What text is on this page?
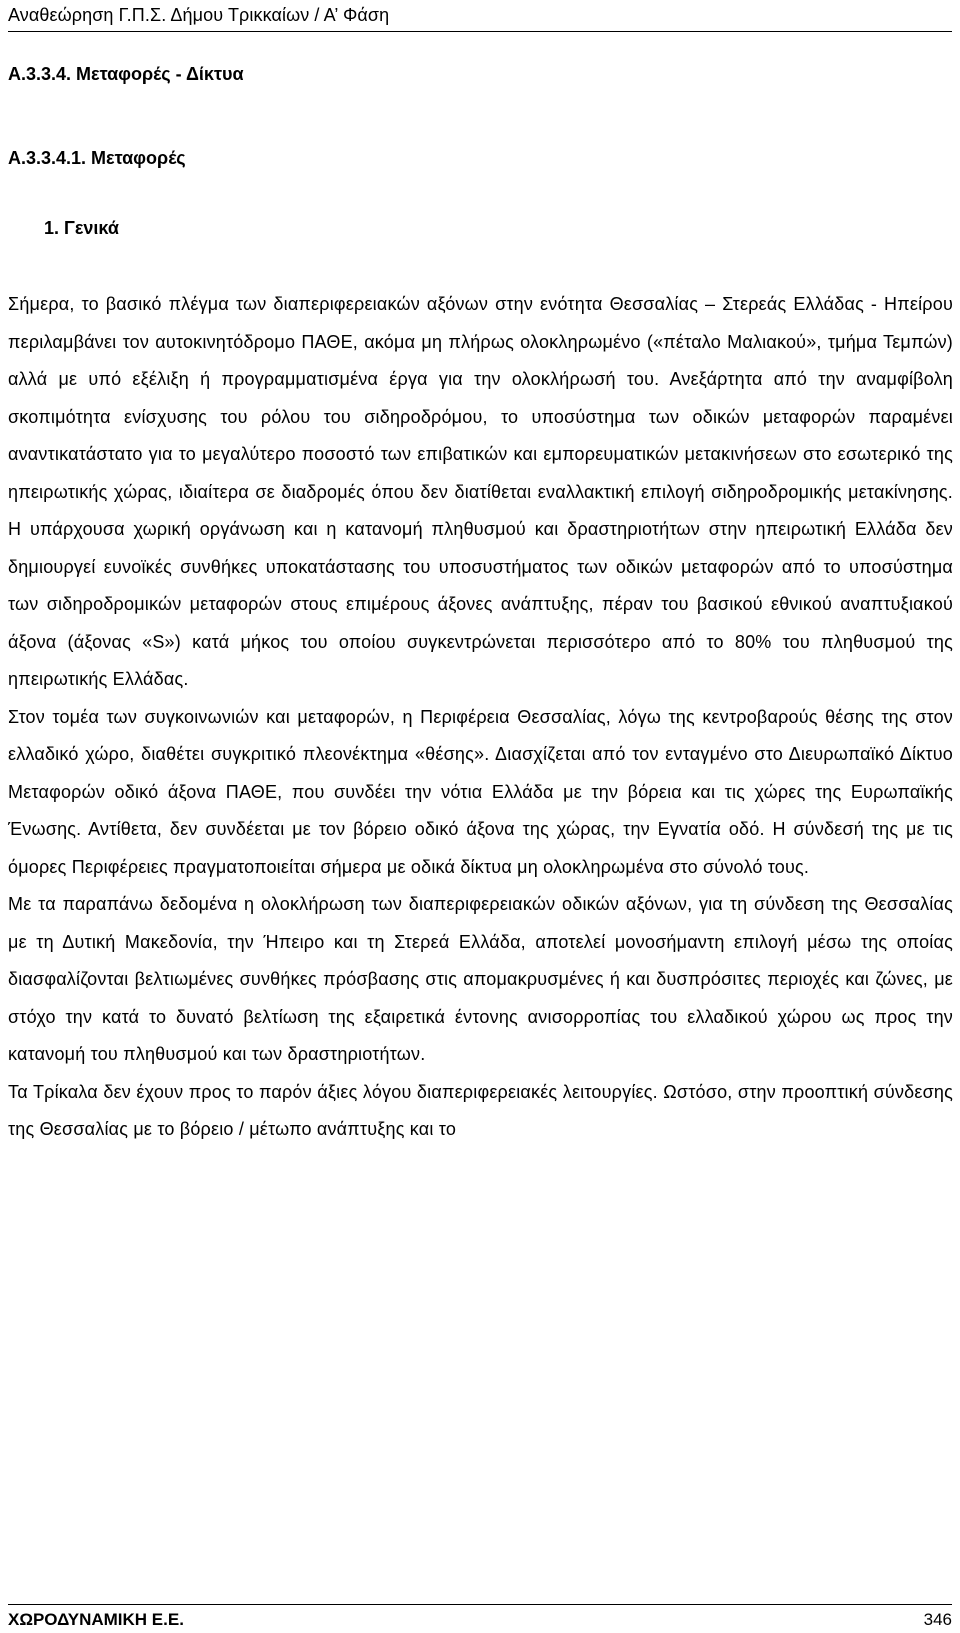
Αναθεώρηση Γ.Π.Σ. Δήμου Τρικκαίων / Α’ Φάση
Α.3.3.4. Μεταφορές - Δίκτυα
Α.3.3.4.1. Μεταφορές
1. Γενικά

Σήμερα, το βασικό πλέγμα των διαπεριφερειακών αξόνων στην ενότητα Θεσσαλίας – Στερεάς Ελλάδας - Ηπείρου περιλαμβάνει τον αυτοκινητόδρομο ΠΑΘΕ, ακόμα μη πλήρως ολοκληρωμένο («πέταλο Μαλιακού», τμήμα Τεμπών) αλλά με υπό εξέλιξη ή προγραμματισμένα έργα για την ολοκλήρωσή του. Ανεξάρτητα από την αναμφίβολη σκοπιμότητα ενίσχυσης του ρόλου του σιδηροδρόμου, το υποσύστημα των οδικών μεταφορών παραμένει αναντικατάστατο για το μεγαλύτερο ποσοστό των επιβατικών και εμπορευματικών μετακινήσεων στο εσωτερικό της ηπειρωτικής χώρας, ιδιαίτερα σε διαδρομές όπου δεν διατίθεται εναλλακτική επιλογή σιδηροδρομικής μετακίνησης. Η υπάρχουσα χωρική οργάνωση και η κατανομή πληθυσμού και δραστηριοτήτων στην ηπειρωτική Ελλάδα δεν δημιουργεί ευνοϊκές συνθήκες υποκατάστασης του υποσυστήματος των οδικών μεταφορών από το υποσύστημα των σιδηροδρομικών μεταφορών στους επιμέρους άξονες ανάπτυξης, πέραν του βασικού εθνικού αναπτυξιακού άξονα (άξονας «S») κατά μήκος του οποίου συγκεντρώνεται περισσότερο από το 80% του πληθυσμού της ηπειρωτικής Ελλάδας.

Στον τομέα των συγκοινωνιών και μεταφορών, η Περιφέρεια Θεσσαλίας, λόγω της κεντροβαρούς θέσης της στον ελλαδικό χώρο, διαθέτει συγκριτικό πλεονέκτημα «θέσης». Διασχίζεται από τον ενταγμένο στο Διευρωπαϊκό Δίκτυο Μεταφορών οδικό άξονα ΠΑΘΕ, που συνδέει την νότια Ελλάδα με την βόρεια και τις χώρες της Ευρωπαϊκής Ένωσης. Αντίθετα, δεν συνδέεται με τον βόρειο οδικό άξονα της χώρας, την Εγνατία οδό. Η σύνδεσή της με τις όμορες Περιφέρειες πραγματοποιείται σήμερα με οδικά δίκτυα μη ολοκληρωμένα στο σύνολό τους.

Με τα παραπάνω δεδομένα η ολοκλήρωση των διαπεριφερειακών οδικών αξόνων, για τη σύνδεση της Θεσσαλίας με τη Δυτική Μακεδονία, την Ήπειρο και τη Στερεά Ελλάδα, αποτελεί μονοσήμαντη επιλογή μέσω της οποίας διασφαλίζονται βελτιωμένες συνθήκες πρόσβασης στις απομακρυσμένες ή και δυσπρόσιτες περιοχές και ζώνες, με στόχο την κατά το δυνατό βελτίωση της εξαιρετικά έντονης ανισορροπίας του ελλαδικού χώρου ως προς την κατανομή του πληθυσμού και των δραστηριοτήτων.

Τα Τρίκαλα δεν έχουν προς το παρόν άξιες λόγου διαπεριφερειακές λειτουργίες. Ωστόσο, στην προοπτική σύνδεσης της Θεσσαλίας με το βόρειο / μέτωπο ανάπτυξης και το

ΧΩΡΟΔΥΝΑΜΙΚΗ Ε.Ε.	346
